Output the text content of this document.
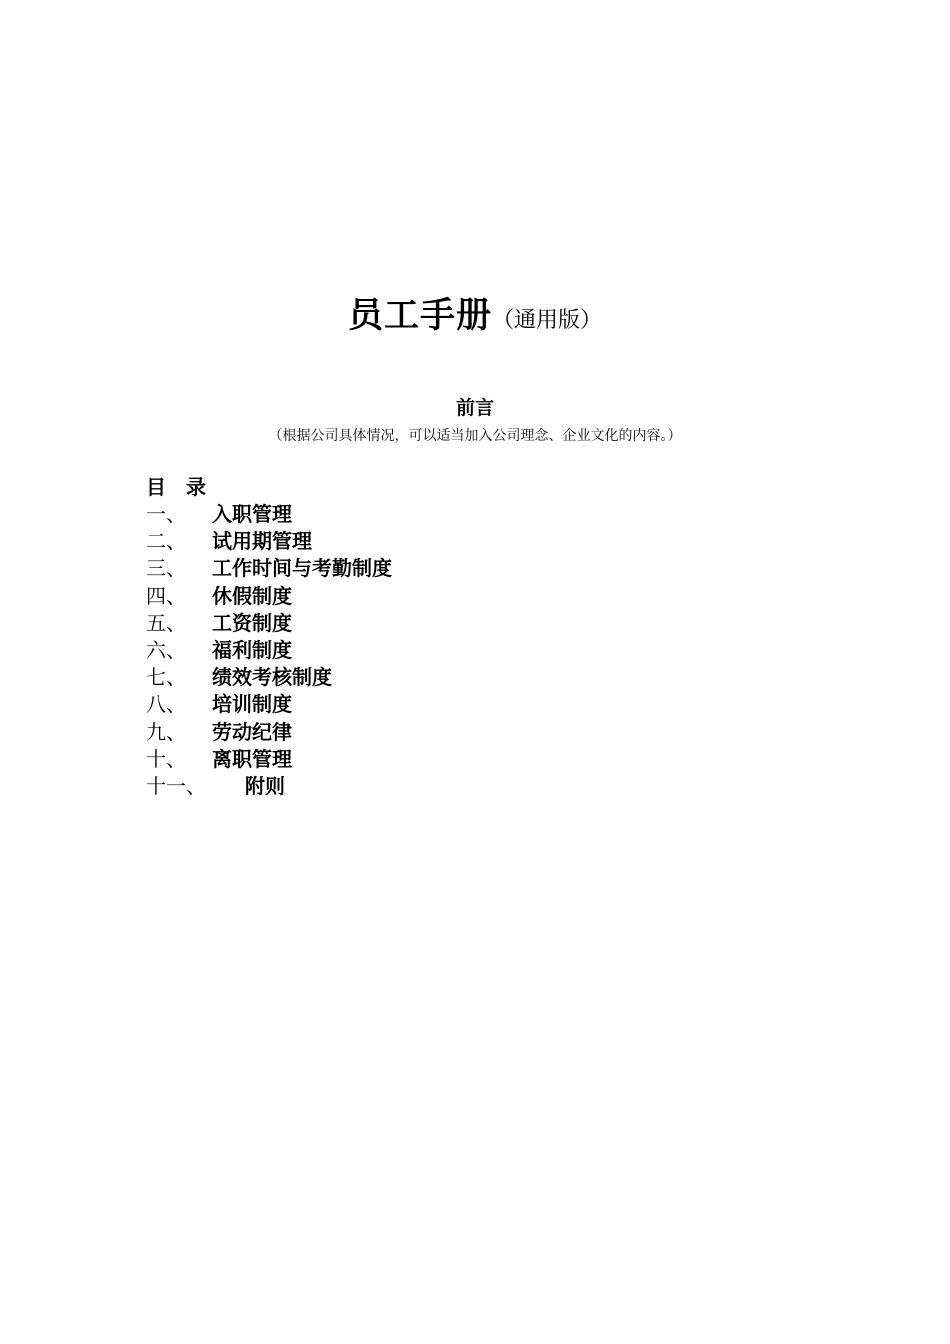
员工手册（通用版）
前言
（根据公司具体情况，可以适当加入公司理念、企业文化的内容。）
目　录
一、 入职管理
二、 试用期管理
三、 工作时间与考勤制度
四、 休假制度
五、 工资制度
六、 福利制度
七、 绩效考核制度
八、 培训制度
九、 劳动纪律
十、 离职管理
十一、 附则
